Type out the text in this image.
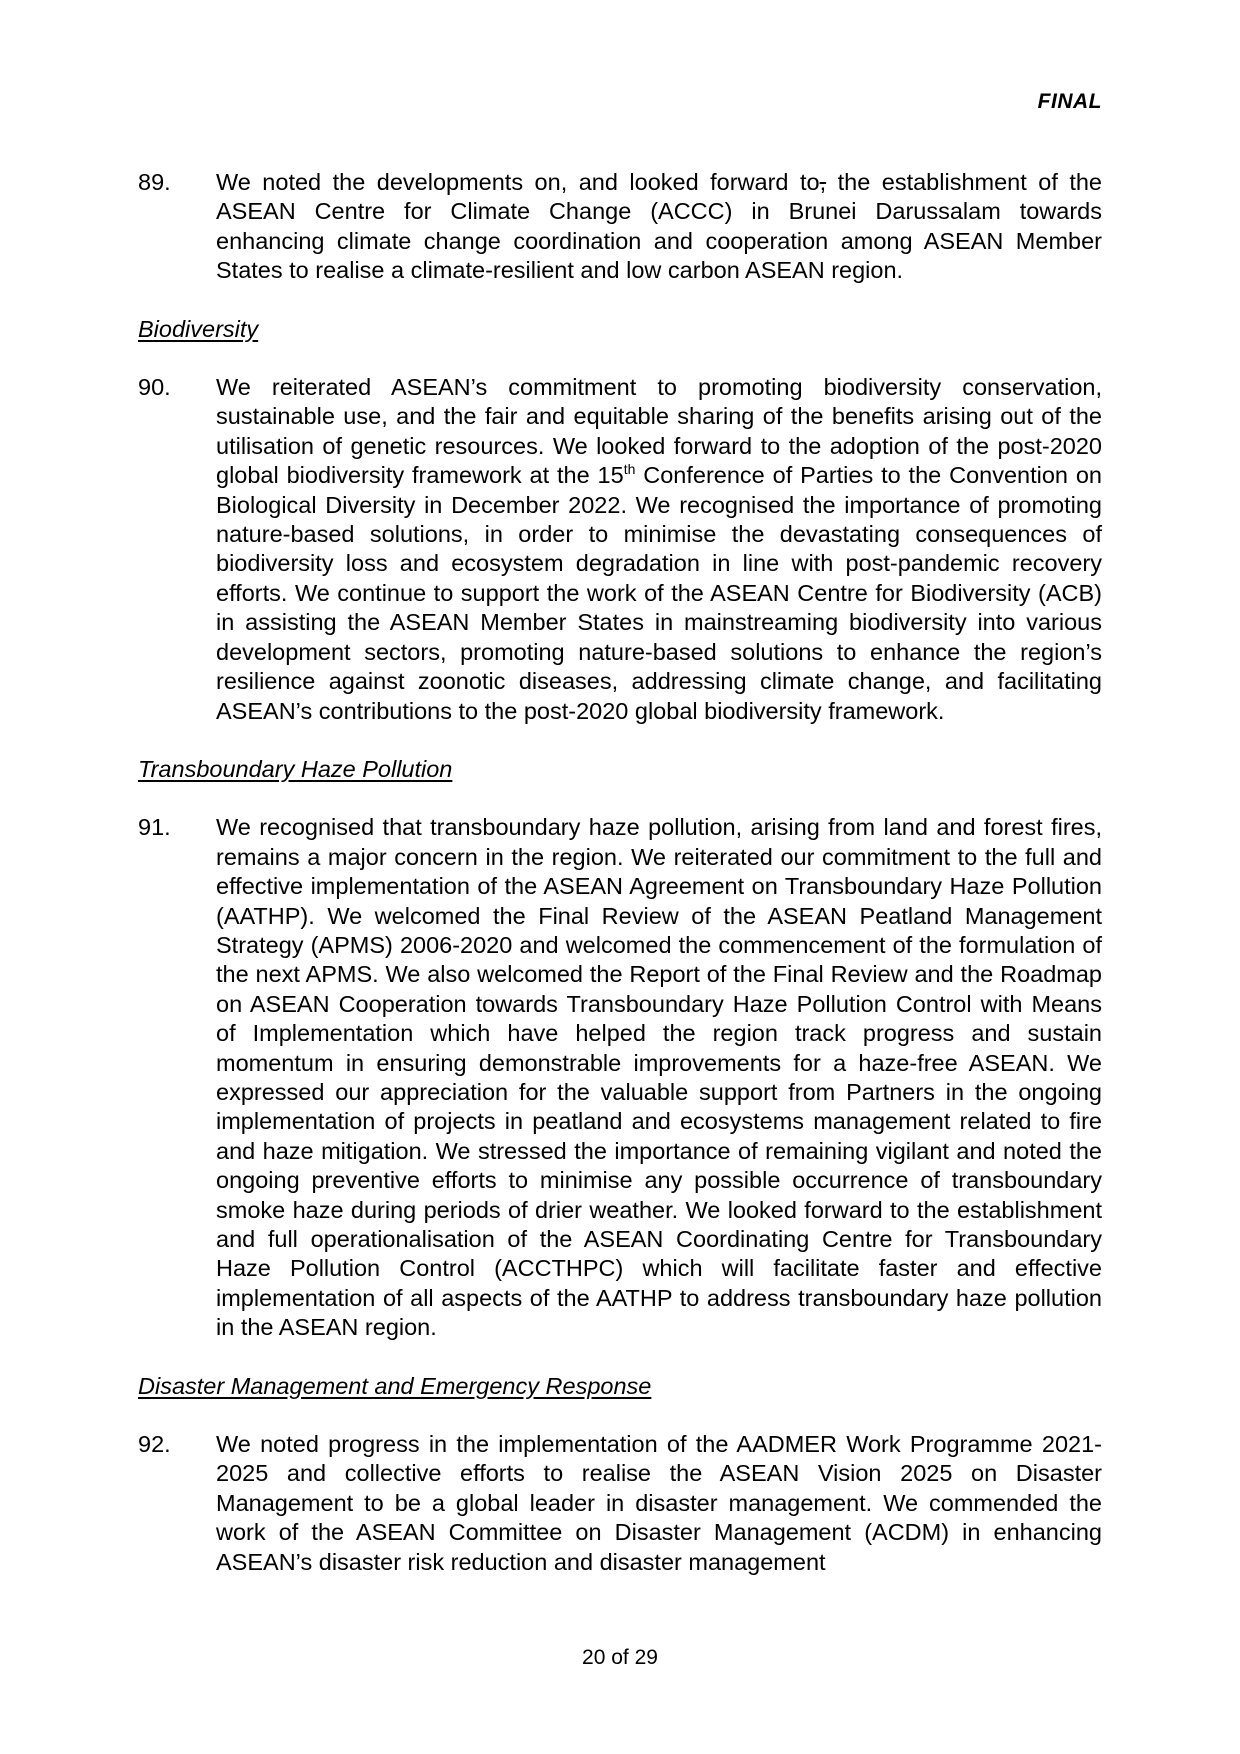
FINAL
89.	We noted the developments on, and looked forward to, the establishment of the ASEAN Centre for Climate Change (ACCC) in Brunei Darussalam towards enhancing climate change coordination and cooperation among ASEAN Member States to realise a climate-resilient and low carbon ASEAN region.
Biodiversity
90.	We reiterated ASEAN’s commitment to promoting biodiversity conservation, sustainable use, and the fair and equitable sharing of the benefits arising out of the utilisation of genetic resources. We looked forward to the adoption of the post-2020 global biodiversity framework at the 15th Conference of Parties to the Convention on Biological Diversity in December 2022. We recognised the importance of promoting nature-based solutions, in order to minimise the devastating consequences of biodiversity loss and ecosystem degradation in line with post-pandemic recovery efforts. We continue to support the work of the ASEAN Centre for Biodiversity (ACB) in assisting the ASEAN Member States in mainstreaming biodiversity into various development sectors, promoting nature-based solutions to enhance the region’s resilience against zoonotic diseases, addressing climate change, and facilitating ASEAN’s contributions to the post-2020 global biodiversity framework.
Transboundary Haze Pollution
91.	We recognised that transboundary haze pollution, arising from land and forest fires, remains a major concern in the region. We reiterated our commitment to the full and effective implementation of the ASEAN Agreement on Transboundary Haze Pollution (AATHP). We welcomed the Final Review of the ASEAN Peatland Management Strategy (APMS) 2006-2020 and welcomed the commencement of the formulation of the next APMS. We also welcomed the Report of the Final Review and the Roadmap on ASEAN Cooperation towards Transboundary Haze Pollution Control with Means of Implementation which have helped the region track progress and sustain momentum in ensuring demonstrable improvements for a haze-free ASEAN. We expressed our appreciation for the valuable support from Partners in the ongoing implementation of projects in peatland and ecosystems management related to fire and haze mitigation. We stressed the importance of remaining vigilant and noted the ongoing preventive efforts to minimise any possible occurrence of transboundary smoke haze during periods of drier weather. We looked forward to the establishment and full operationalisation of the ASEAN Coordinating Centre for Transboundary Haze Pollution Control (ACCTHPC) which will facilitate faster and effective implementation of all aspects of the AATHP to address transboundary haze pollution in the ASEAN region.
Disaster Management and Emergency Response
92.	We noted progress in the implementation of the AADMER Work Programme 2021-2025 and collective efforts to realise the ASEAN Vision 2025 on Disaster Management to be a global leader in disaster management. We commended the work of the ASEAN Committee on Disaster Management (ACDM) in enhancing ASEAN’s disaster risk reduction and disaster management
20 of 29
